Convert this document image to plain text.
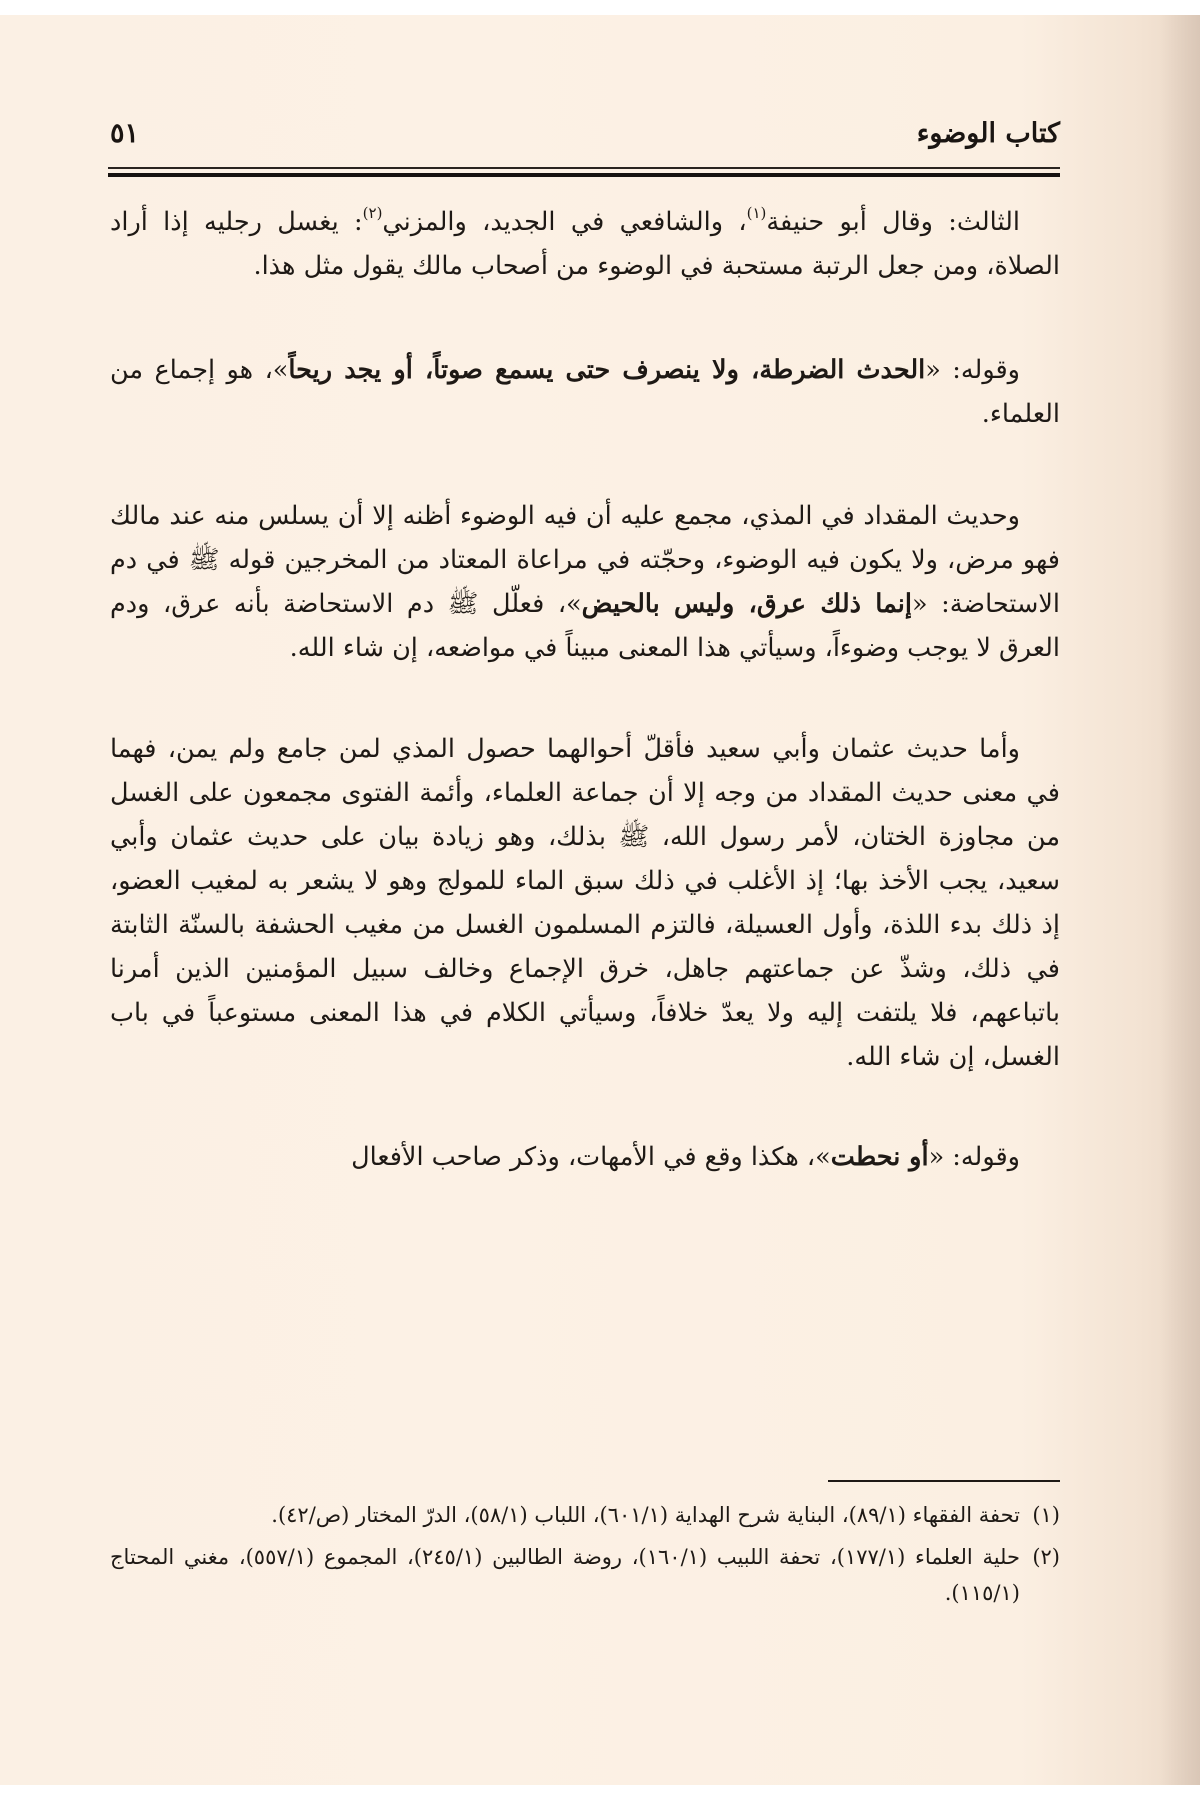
كتاب الوضوء
٥١

الثالث: وقال أبو حنيفة$^{(١)}$، والشافعي في الجديد، والمزني$^{(٢)}$: يغسل رجليه إذا أراد الصلاة، ومن جعل الرتبة مستحبة في الوضوء من أصحاب مالك يقول مثل هذا.

وقوله: «الحدث الضرطة، ولا ينصرف حتى يسمع صوتاً، أو يجد ريحاً»، هو إجماع من العلماء.

وحديث المقداد في المذي، مجمع عليه أن فيه الوضوء أظنه إلا أن يسلس منه عند مالك فهو مرض، ولا يكون فيه الوضوء، وحجّته في مراعاة المعتاد من المخرجين قوله ﷺ في دم الاستحاضة: «إنما ذلك عرق، وليس بالحيض»، فعلّل ﷺ دم الاستحاضة بأنه عرق، ودم العرق لا يوجب وضوءاً، وسيأتي هذا المعنى مبيناً في مواضعه، إن شاء الله.

وأما حديث عثمان وأبي سعيد فأقلّ أحوالهما حصول المذي لمن جامع ولم يمن، فهما في معنى حديث المقداد من وجه إلا أن جماعة العلماء، وأئمة الفتوى مجمعون على الغسل من مجاوزة الختان، لأمر رسول الله، ﷺ بذلك، وهو زيادة بيان على حديث عثمان وأبي سعيد، يجب الأخذ بها؛ إذ الأغلب في ذلك سبق الماء للمولج وهو لا يشعر به لمغيب العضو، إذ ذلك بدء اللذة، وأول العسيلة، فالتزم المسلمون الغسل من مغيب الحشفة بالسنّة الثابتة في ذلك، وشذّ عن جماعتهم جاهل، خرق الإجماع وخالف سبيل المؤمنين الذين أمرنا باتباعهم، فلا يلتفت إليه ولا يعدّ خلافاً، وسيأتي الكلام في هذا المعنى مستوعباً في باب الغسل، إن شاء الله.

وقوله: «أو نحطت»، هكذا وقع في الأمهات، وذكر صاحب الأفعال

(١)
تحفة الفقهاء (٨٩/١)، البناية شرح الهداية (٦٠١/١)، اللباب (٥٨/١)، الدرّ المختار (ص/٤٢).
(٢)
حلية العلماء (١٧٧/١)، تحفة اللبيب (١٦٠/١)، روضة الطالبين (٢٤٥/١)، المجموع (٥٥٧/١)، مغني المحتاج (١١٥/١).
